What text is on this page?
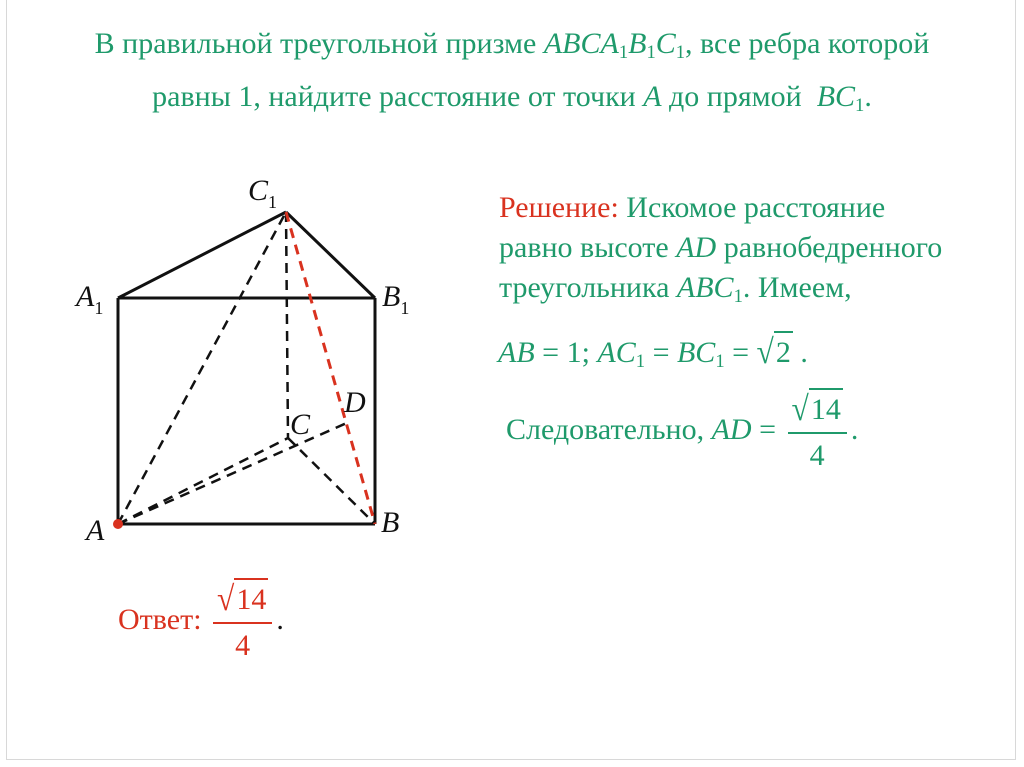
В правильной треугольной призме $ABCA_1B_1C_1$, все ребра которой
равны 1, найдите расстояние от точки A до прямой  $BC_1$.
$C_1$
$A_1$	$B_1$
C
D
A	B
Решение: Искомое расстояние
равно высоте AD равнобедренного
треугольника $ABC_1$. Имеем,
AB = 1; $AC_1 = BC_1 = √2$ .
Следовательно, AD = $\frac{√14}{4}$ .
Ответ: $\frac{√14}{4}$ .
